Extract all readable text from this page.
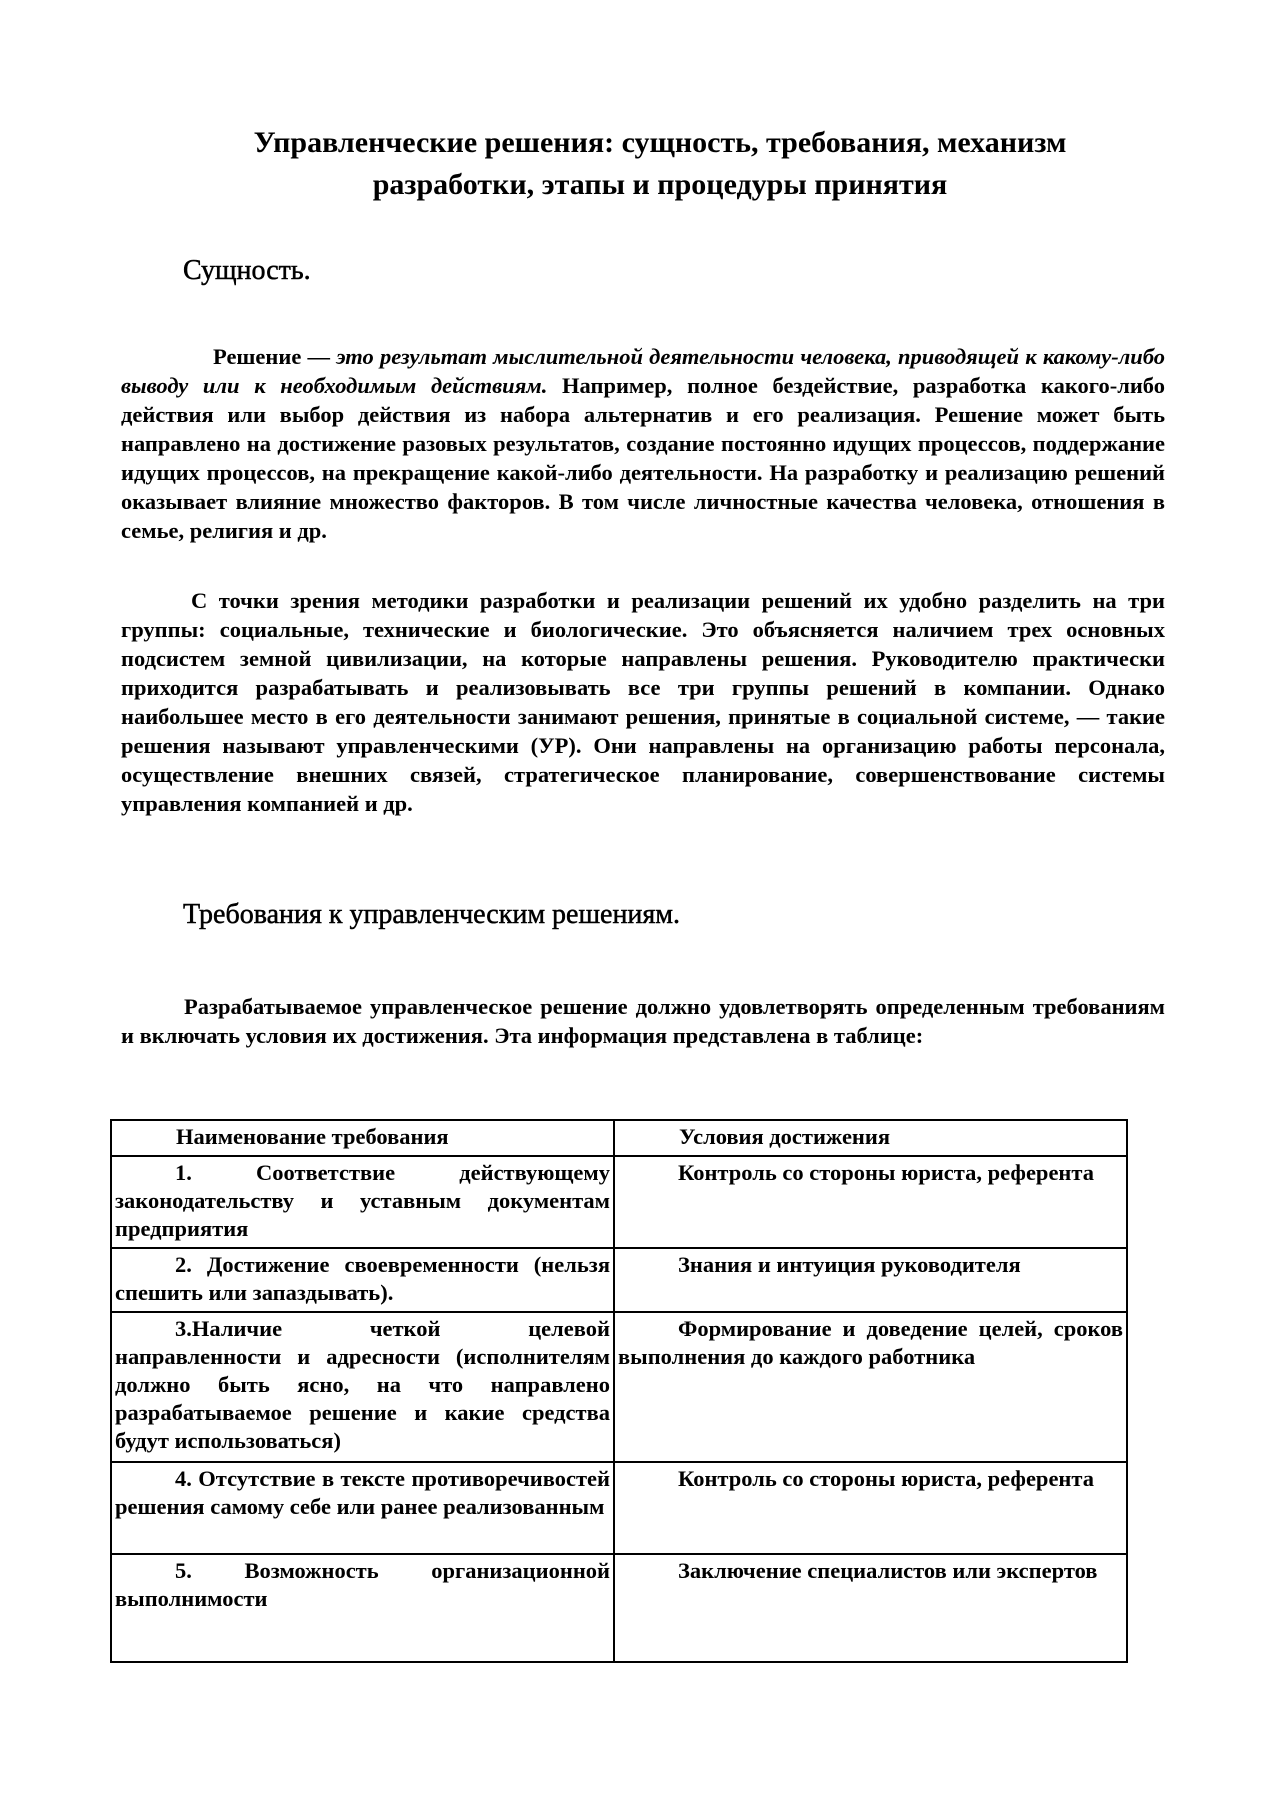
Управленческие решения: сущность, требования, механизм
разработки, этапы и процедуры принятия
Сущность.

Решение — это результат мыслительной деятельности человека, приводящей к какому-либо выводу или к необходимым действиям. Например, полное бездействие, разработка какого-либо действия или выбор действия из набора альтернатив и его реализация. Решение может быть направлено на достижение разовых результатов, создание постоянно идущих процессов, поддержание идущих процессов, на прекращение какой-либо деятельности. На разработку и реализацию решений оказывает влияние множество факторов. В том числе личностные качества человека, отношения в семье, религия и др.

С точки зрения методики разработки и реализации решений их удобно разделить на три группы: социальные, технические и биологические. Это объясняется наличием трех основных подсистем земной цивилизации, на которые направлены решения. Руководителю практически приходится разрабатывать и реализовывать все три группы решений в компании. Однако наибольшее место в его деятельности занимают решения, принятые в социальной системе, — такие решения называют управленческими (УР). Они направлены на организацию работы персонала, осуществление внешних связей, стратегическое планирование, совершенствование системы управления компанией и др.

Требования к управленческим решениям.

Разрабатываемое управленческое решение должно удовлетворять определенным требованиям и включать условия их достижения. Эта информация представлена в таблице:

Наименование требования	Условия достижения
1. Соответствие действующему законодательству и уставным документам предприятия	Контроль со стороны юриста, референта
2. Достижение своевременности (нельзя спешить или запаздывать).	Знания и интуиция руководителя
3.Наличие четкой целевой направленности и адресности (исполнителям должно быть ясно, на что направлено разрабатываемое решение и какие средства будут использоваться)	Формирование и доведение целей, сроков выполнения до каждого работника
4. Отсутствие в тексте противоречивостей решения самому себе или ранее реализованным	Контроль со стороны юриста, референта
5. Возможность организационной выполнимости	Заключение специалистов или экспертов
